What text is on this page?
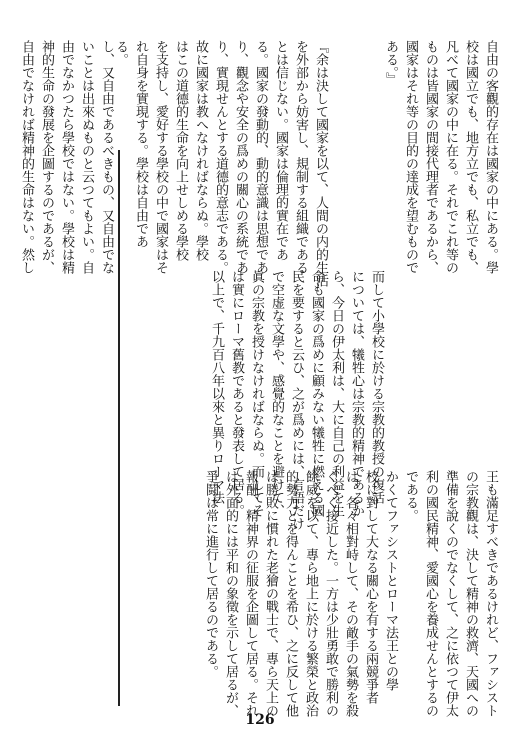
自由の客觀的存在は國家の中にある。學
校は國立でも、地方立でも、私立でも、
凡べて國家の中に在る。それでこれ等の
ものは皆國家の間接代理者であるから、
國家はそれ等の目的の達成を望むもので
ある。』
『余は決して國家を以て、人間の内的生活
を外部から妨害し、規制する組織である
とは信じない。國家は倫理的實在であ
る。國家の發動的、動的意識は思想であ
り、觀念や安全の爲めの關心の系統であ
り、實現せんとする道德的意志である。
故に國家は教へなければならぬ。學校
はこの道德的生命を向上せしめる學校
を支持し、愛好する學校の中で國家はそ
れ自身を實現する。學校は自由であ
る。
而して小學校に於ける宗教的教授の復活
については、犧牲心は宗教的精神であるか
ら、今日の伊太利は、大に自己の利益を生
命も國家の爲めに顧みない犧牲に燃える國
民を要すると云ひ、之が爲めには、言語だけ
で空虚な文學や、感覺的なことを避けて、
眞の宗教を授けなければならぬ。而してそ
は實にローマ舊教であると發表して居る。
以上で、千九百八年以來と異りローマ法
し、又自由であるべきもの、又自由でな
いことは出來ぬものと云つてもよい。自
由でなかつたら學校ではない。學校は精
神的生命の發展を企圖するのであるが、
自由でなければ精神的生命はない。然し
126
王も滿足すべきであるけれど、ファシスト
の宗教觀は、決して精神の救濟、天國への
準備を說くのでなくして、之に依つて伊太
利の國民精神、愛國心を養成せんとするの
である。
かくてファシストとローマ法王との學
校に對して大なる關心を有する兩競爭者
は、各々相對峙して、その敵手の氣勢を殺
ぐべく接近した。一方は少壯勇敢で勝利の
餘威を以て、專ら地上に於ける繁榮と政治
的勢力とを得んことを希ひ、之に反して他
は勝敗に慣れた老獪の戰士で、專ら天上の
報酬、精神界の征服を企圖して居る。それ
は外面的には平和の象徵を示して居るが、
爭鬪は常に進行して居るのである。
